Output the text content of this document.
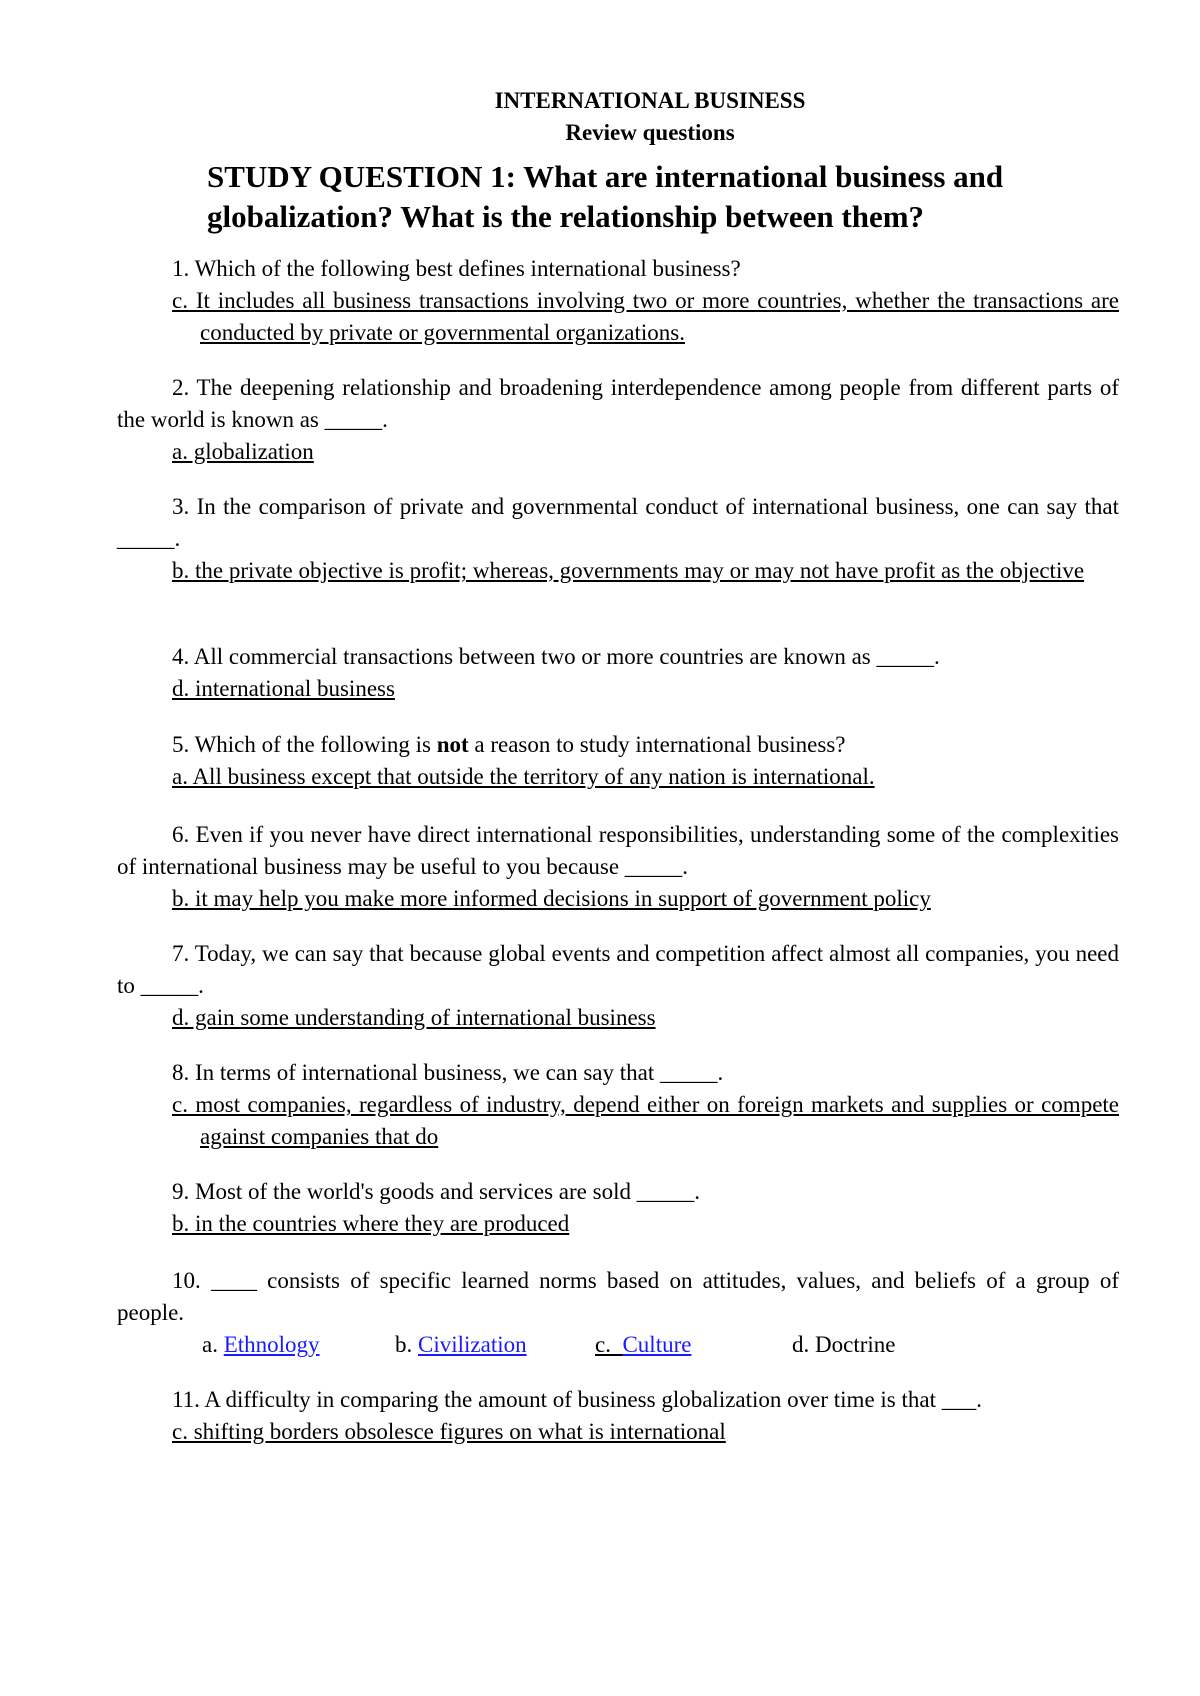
INTERNATIONAL BUSINESS
Review questions
STUDY QUESTION 1: What are international business and globalization? What is the relationship between them?
1. Which of the following best defines international business?
c. It includes all business transactions involving two or more countries, whether the transactions are conducted by private or governmental organizations.
2. The deepening relationship and broadening interdependence among people from different parts of the world is known as _____.
a. globalization
3. In the comparison of private and governmental conduct of international business, one can say that _____.
b. the private objective is profit; whereas, governments may or may not have profit as the objective
4. All commercial transactions between two or more countries are known as _____.
d. international business
5. Which of the following is not a reason to study international business?
a. All business except that outside the territory of any nation is international.
6. Even if you never have direct international responsibilities, understanding some of the complexities of international business may be useful to you because _____.
b. it may help you make more informed decisions in support of government policy
7. Today, we can say that because global events and competition affect almost all companies, you need to _____.
d. gain some understanding of international business
8. In terms of international business, we can say that _____.
c. most companies, regardless of industry, depend either on foreign markets and supplies or compete against companies that do
9. Most of the world's goods and services are sold _____.
b. in the countries where they are produced
10. ____ consists of specific learned norms based on attitudes, values, and beliefs of a group of people.
a. Ethnology	b. Civilization	c. Culture	d. Doctrine
11. A difficulty in comparing the amount of business globalization over time is that ___.
c. shifting borders obsolesce figures on what is international
